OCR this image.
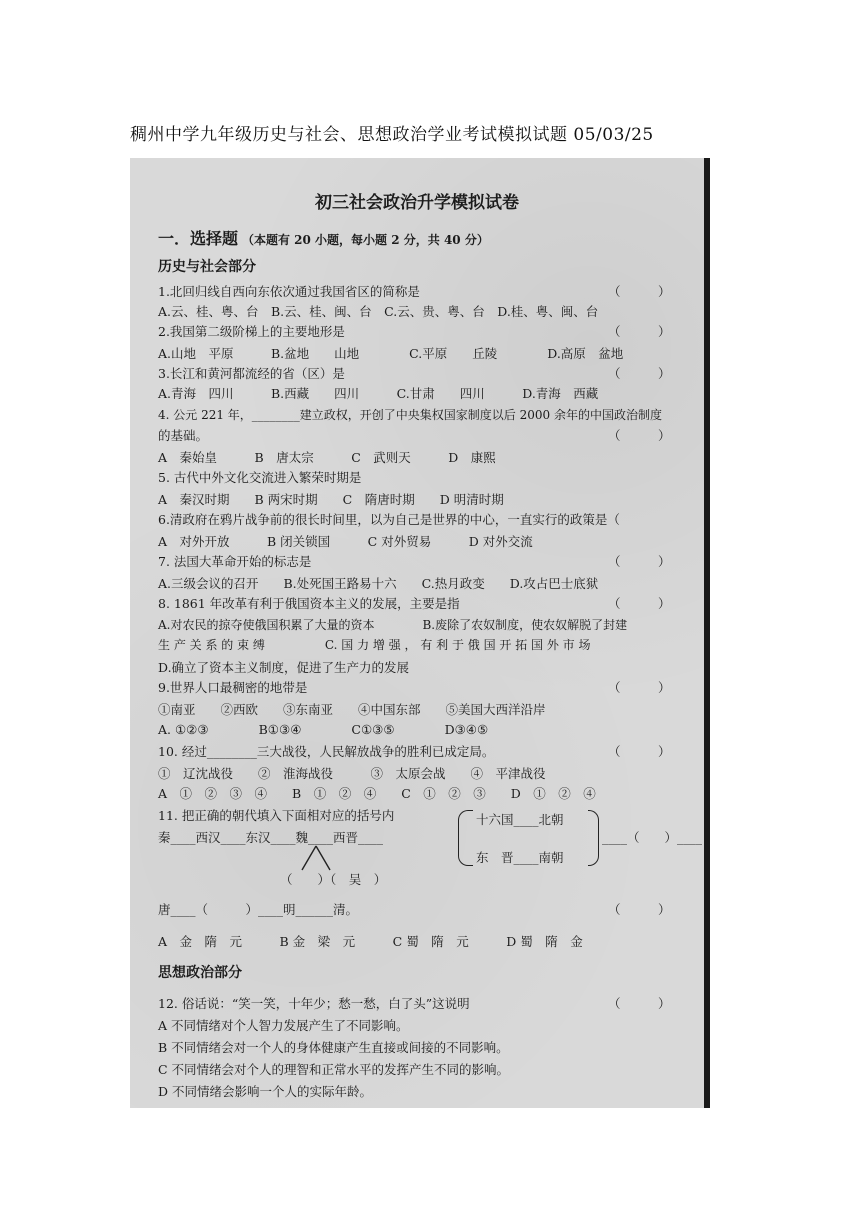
稠州中学九年级历史与社会、思想政治学业考试模拟试题 05/03/25
初三社会政治升学模拟试卷
一．选择题 （本题有 20 小题，每小题 2 分，共 40 分）
历史与社会部分
1.北回归线自西向东依次通过我国省区的简称是	（　　　）
A.云、桂、粤、台　B.云、桂、闽、台　C.云、贵、粤、台　D.桂、粤、闽、台
2.我国第二级阶梯上的主要地形是	（　　　）
A.山地　平原　　　B.盆地　　山地　　　　C.平原　　丘陵　　　　D.高原　盆地
3.长江和黄河都流经的省（区）是	（　　　）
A.青海　四川　　　B.西藏　　四川　　　C.甘肃　　四川　　　D.青海　西藏
4. 公元 221 年，________建立政权，开创了中央集权国家制度以后 2000 余年的中国政治制度
的基础。	（　　　）
A　秦始皇　　　B　唐太宗　　　C　武则天　　　D　康熙
5. 古代中外文化交流进入繁荣时期是
A　秦汉时期　　B 两宋时期　　C　隋唐时期　　D 明清时期
6.清政府在鸦片战争前的很长时间里，以为自己是世界的中心，一直实行的政策是（
A　对外开放　　　B 闭关锁国　　　C 对外贸易　　　D 对外交流
7. 法国大革命开始的标志是	（　　　）
A.三级会议的召开　　B.处死国王路易十六　　C.热月政变　　D.攻占巴士底狱
8. 1861 年改革有利于俄国资本主义的发展，主要是指	（　　　）
A.对农民的掠夺使俄国积累了大量的资本　　　　B.废除了农奴制度，使农奴解脱了封建
生 产 关 系 的 束 缚　　　　　C. 国 力 增 强 ， 有 利 于 俄 国 开 拓 国 外 市 场
D.确立了资本主义制度，促进了生产力的发展
9.世界人口最稠密的地带是	（　　　）
①南亚　　②西欧　　③东南亚　　④中国东部　　⑤美国大西洋沿岸
A. ①②③　　　　B①③④　　　　C①③⑤　　　　D③④⑤
10. 经过________三大战役，人民解放战争的胜利已成定局。	（　　　）
①　辽沈战役　　②　淮海战役　　　③　太原会战　　④　平津战役
A　①　②　③　④　　B　①　②　④　　C　①　②　③　　D　①　②　④
11. 把正确的朝代填入下面相对应的括号内
秦____西汉____东汉____魏____西晋____
十六国____北朝
东　晋____南朝
____（　　）____
（　　）（　吴　）
唐____（　　　）____明______清。	（　　　）
A　金　隋　元　　　B 金　梁　元　　　C 蜀　隋　元　　　D 蜀　隋　金
思想政治部分
12. 俗话说：“笑一笑，十年少；愁一愁，白了头”这说明	（　　　）
A 不同情绪对个人智力发展产生了不同影响。
B 不同情绪会对一个人的身体健康产生直接或间接的不同影响。
C 不同情绪会对个人的理智和正常水平的发挥产生不同的影响。
D 不同情绪会影响一个人的实际年龄。
